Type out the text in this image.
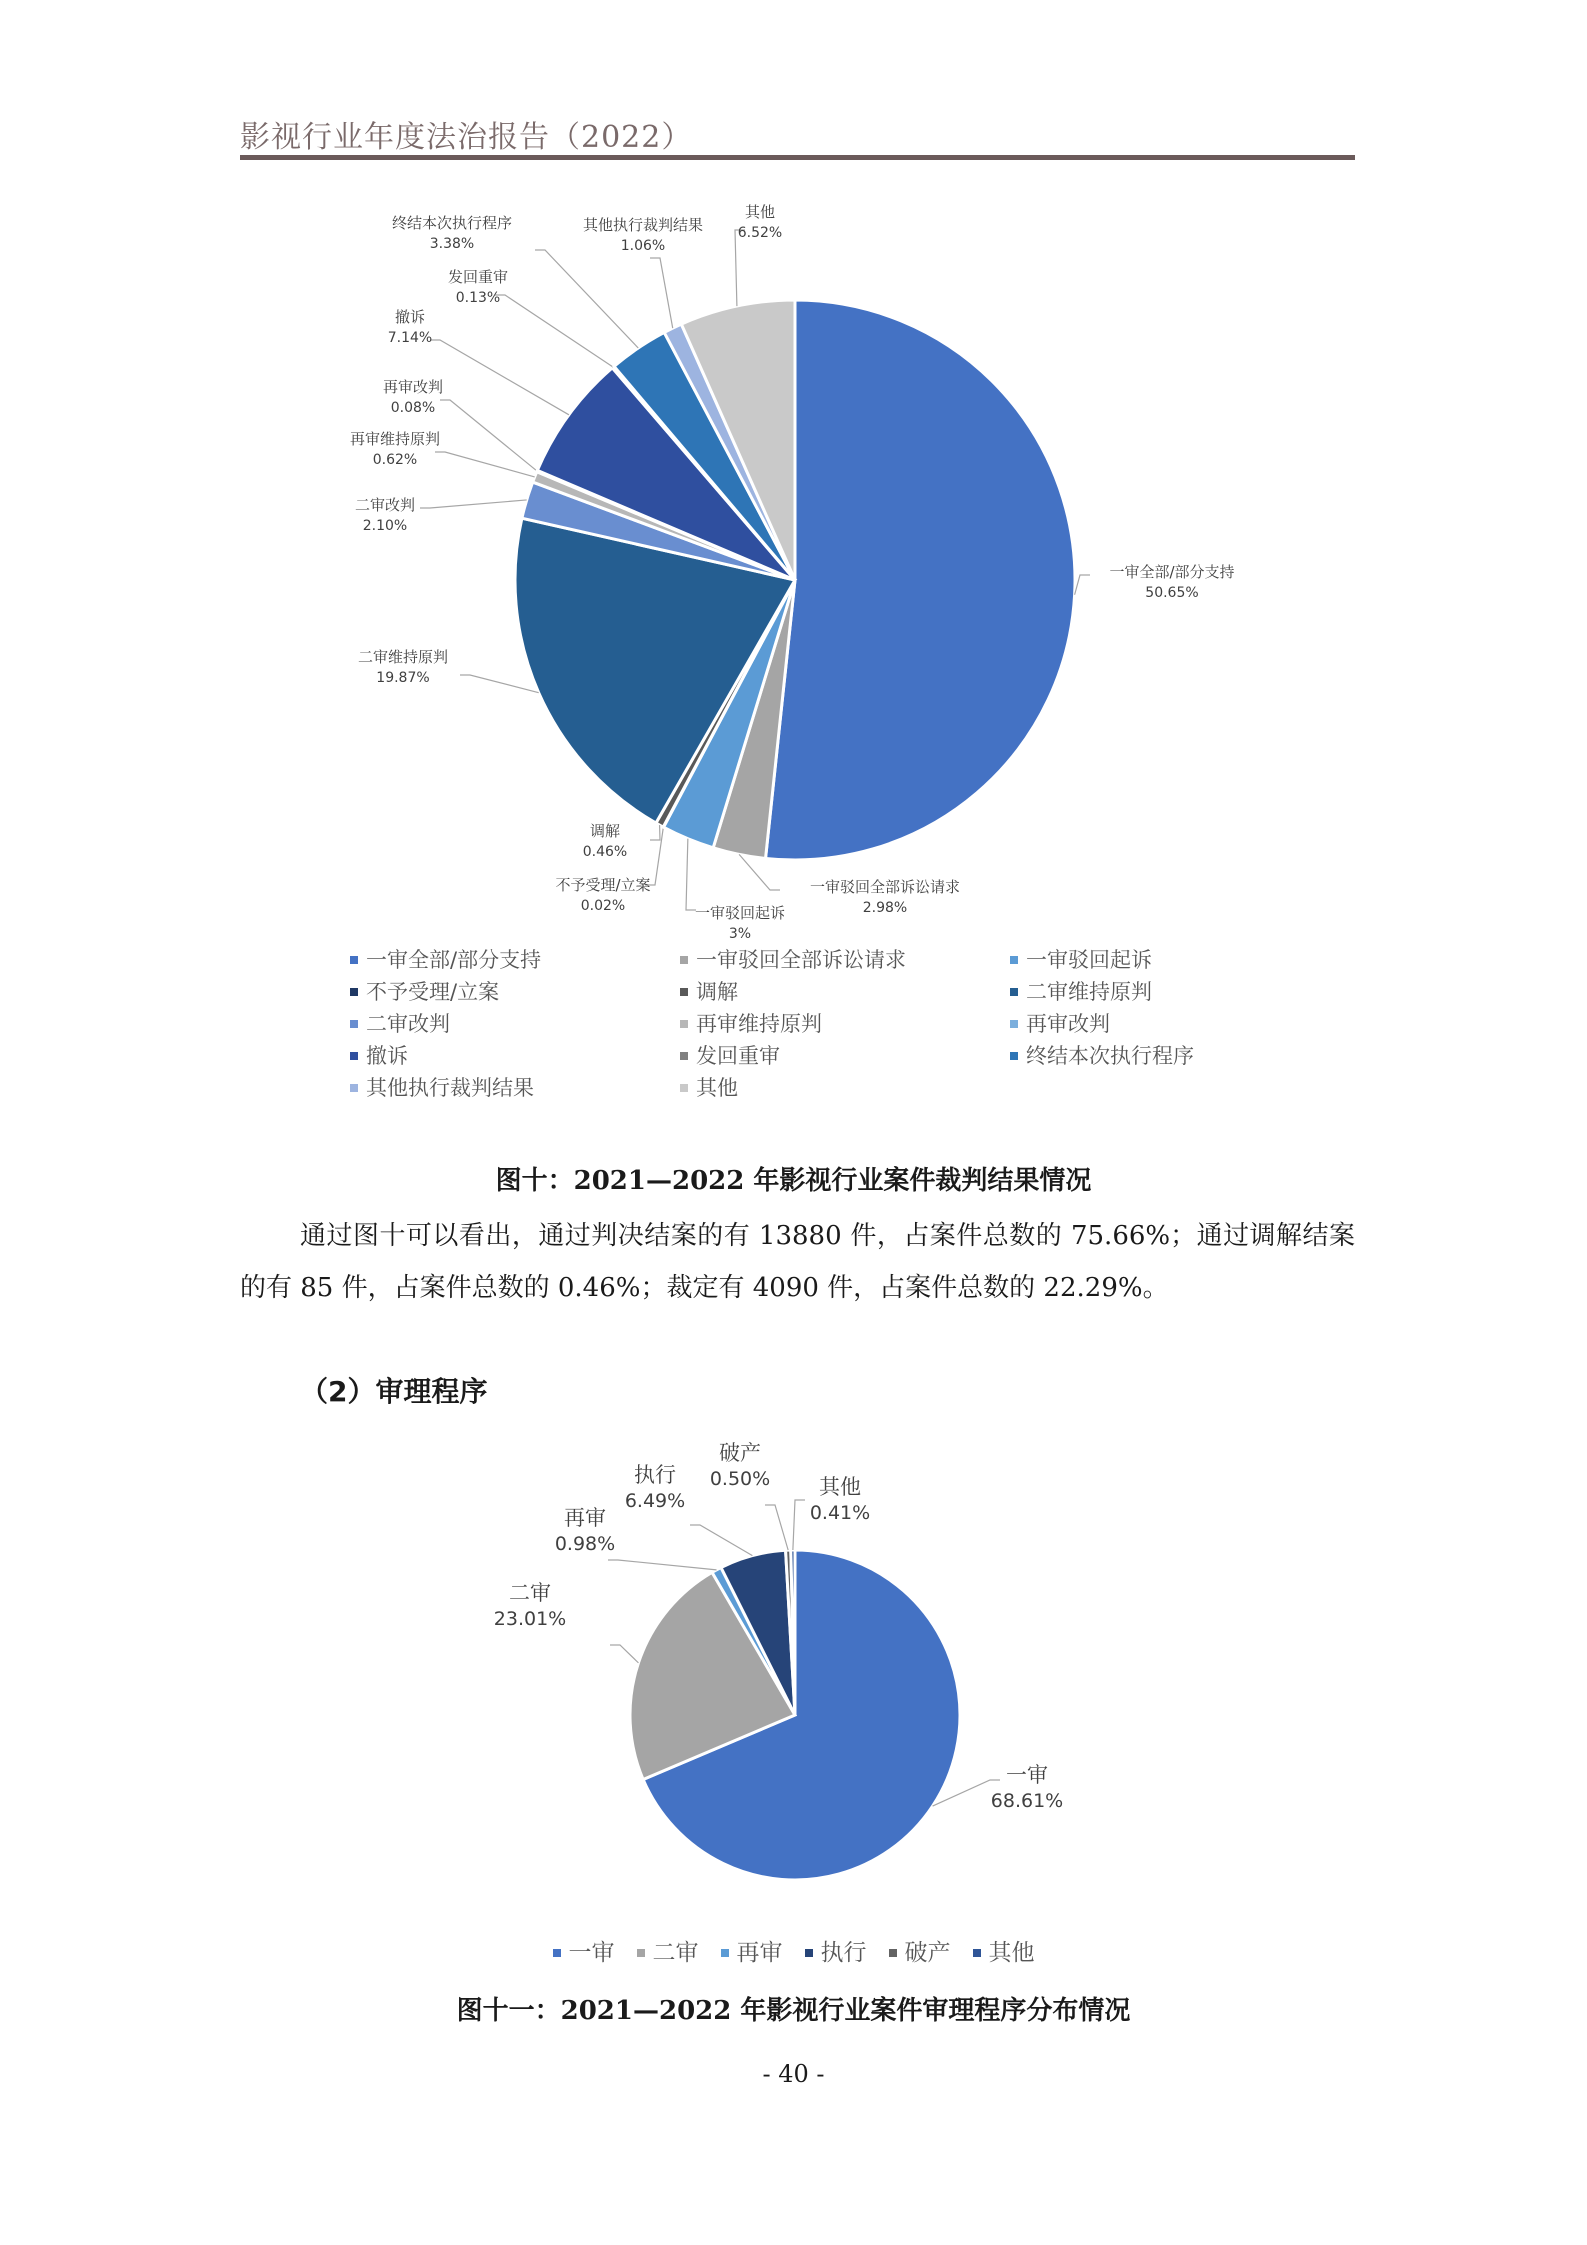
影视行业年度法治报告（2022）
一审全部/部分支持
50.65%
一审驳回全部诉讼请求
2.98%
一审驳回起诉
3%
不予受理/立案
0.02%
调解
0.46%
二审维持原判
19.87%
二审改判
2.10%
再审维持原判
0.62%
再审改判
0.08%
撤诉
7.14%
发回重审
0.13%
终结本次执行程序
3.38%
其他执行裁判结果
1.06%
其他
6.52%
一审全部/部分支持	一审驳回全部诉讼请求	一审驳回起诉
不予受理/立案	调解	二审维持原判
二审改判	再审维持原判	再审改判
撤诉	发回重审	终结本次执行程序
其他执行裁判结果	其他
图十：2021—2022 年影视行业案件裁判结果情况

通过图十可以看出，通过判决结案的有 13880 件，占案件总数的 75.66%；通过调解结案的有 85 件，占案件总数的 0.46%；裁定有 4090 件，占案件总数的 22.29%。

（2）审理程序
一审
68.61%
二审
23.01%
再审
0.98%
执行
6.49%
破产
0.50% 其他
0.41%
一审 二审 再审 执行 破产 其他
图十一：2021—2022 年影视行业案件审理程序分布情况
- 40 -
